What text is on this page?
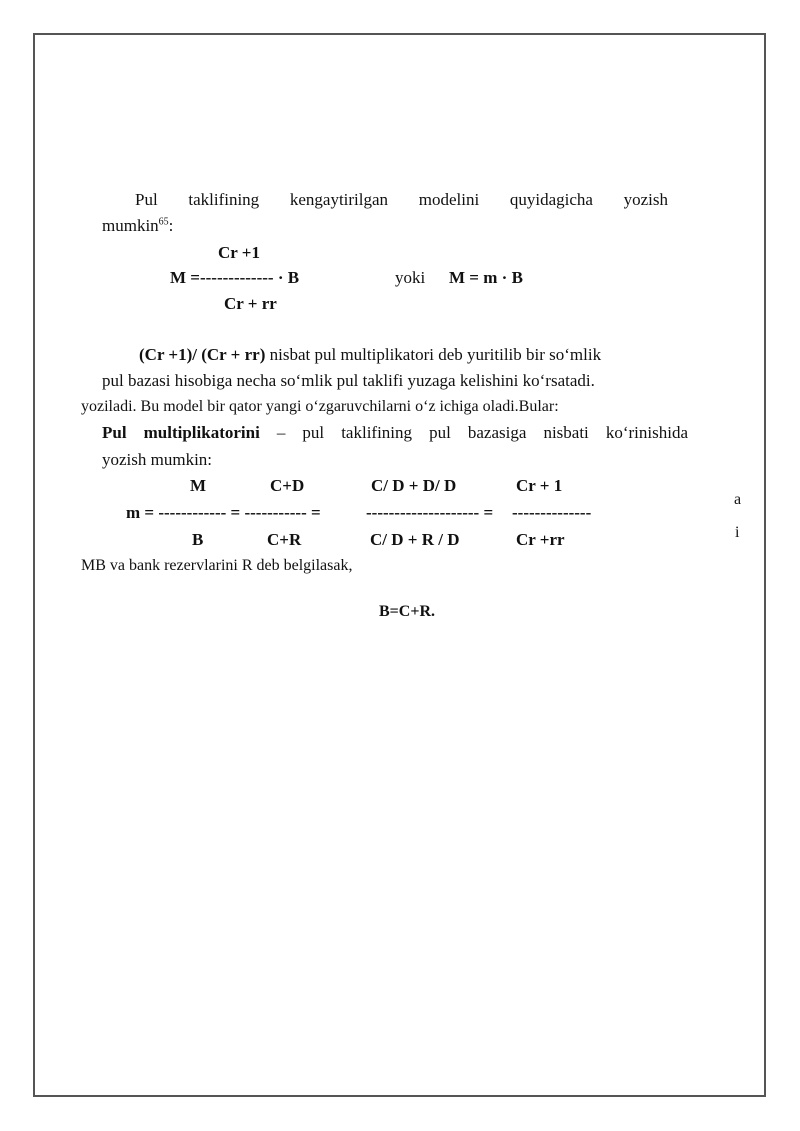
Pul taklifining kengaytirilgan modelini quyidagicha yozish
mumkin$^{65}$:
Cr +1
M =------------- · B
Cr + rr
yoki M = m · B
(Cr +1)/ (Cr + rr) nisbat pul multiplikatori deb yuritilib bir so‘mlik
pul bazasi hisobiga necha so‘mlik pul taklifi yuzaga kelishini ko‘rsatadi.
yoziladi. Bu model bir qator yangi o‘zgaruvchilarni o‘z ichiga oladi.Bular:
Pul multiplikatorini – pul taklifining pul bazasiga nisbati ko‘rinishida
yozish mumkin:
M	C+D	C/ D + D/ D	Cr + 1
m = ------------ = ----------- =	-------------------- = --------------
B	C+R	C/ D + R / D	Cr +rr
a
i
MB va bank rezervlarini R deb belgilasak,
B=C+R.
